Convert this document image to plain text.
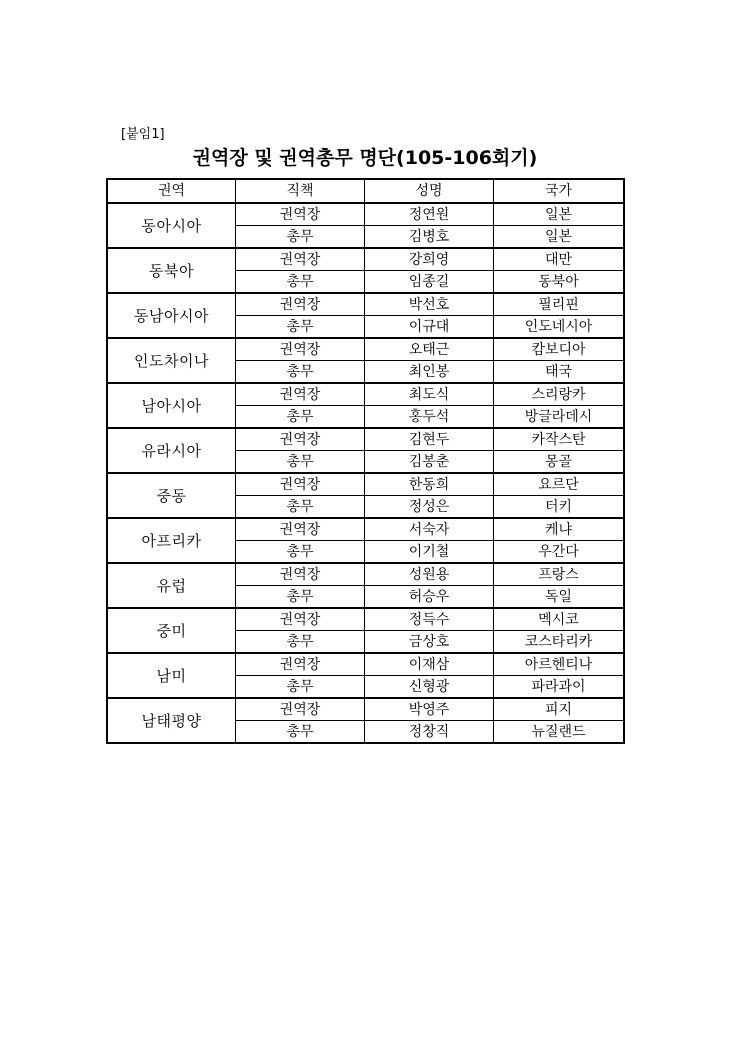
[붙임1]
권역장 및 권역총무 명단(105-106회기)
권역	직책	성명	국가
동아시아	권역장	정연원	일본
	총무	김병호	일본
동북아	권역장	강희영	대만
	총무	임종길	동북아
동남아시아	권역장	박선호	필리핀
	총무	이규대	인도네시아
인도차이나	권역장	오태근	캄보디아
	총무	최인봉	태국
남아시아	권역장	최도식	스리랑카
	총무	홍두석	방글라데시
유라시아	권역장	김현두	카작스탄
	총무	김봉춘	몽골
중동	권역장	한동희	요르단
	총무	정성은	터키
아프리카	권역장	서숙자	케냐
	총무	이기철	우간다
유럽	권역장	성원용	프랑스
	총무	허승우	독일
중미	권역장	정득수	멕시코
	총무	금상호	코스타리카
남미	권역장	이재삼	아르헨티나
	총무	신형광	파라과이
남태평양	권역장	박영주	피지
	총무	정창직	뉴질랜드
